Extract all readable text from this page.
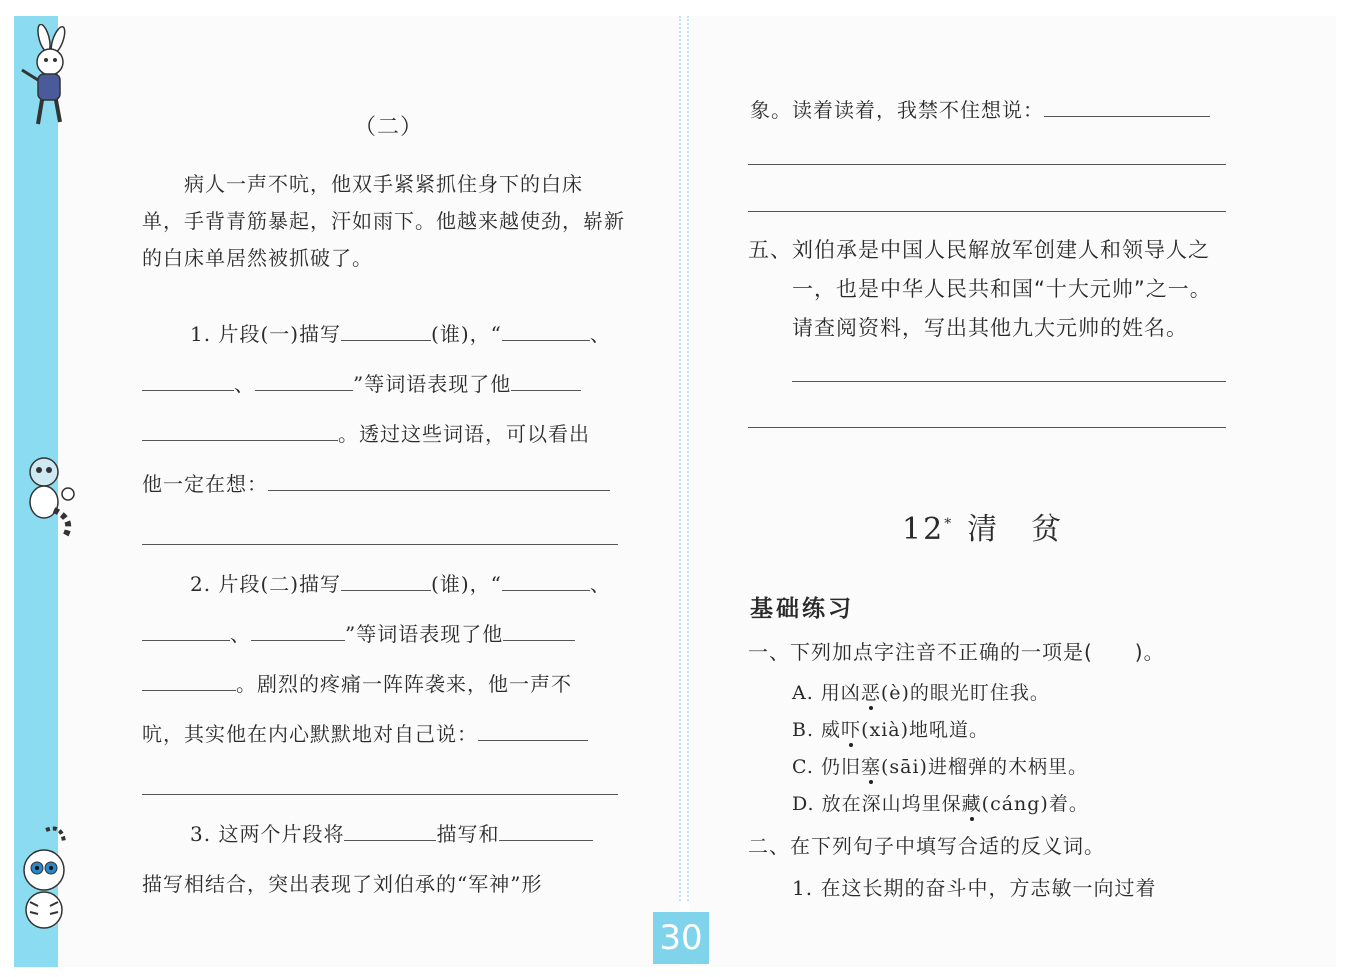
（二）
病人一声不吭，他双手紧紧抓住身下的白床
单，手背青筋暴起，汗如雨下。他越来越使劲，崭新
的白床单居然被抓破了。
1. 片段(一)描写	(谁)，“	、
、	”等词语表现了他
。透过这些词语，可以看出
他一定在想：
2. 片段(二)描写	(谁)，“	、
、	”等词语表现了他
。剧烈的疼痛一阵阵袭来，他一声不
吭，其实他在内心默默地对自己说：
3. 这两个片段将	描写和
描写相结合，突出表现了刘伯承的“军神”形
象。读着读着，我禁不住想说：
五、刘伯承是中国人民解放军创建人和领导人之
一，也是中华人民共和国“十大元帅”之一。
请查阅资料，写出其他九大元帅的姓名。
12* 清　贫
基础练习
一、下列加点字注音不正确的一项是(　　)。
A. 用凶恶(è)的眼光盯住我。
B. 威吓(xià)地吼道。
C. 仍旧塞(sāi)进榴弹的木柄里。
D. 放在深山坞里保藏(cáng)着。
二、在下列句子中填写合适的反义词。
1. 在这长期的奋斗中，方志敏一向过着
30
